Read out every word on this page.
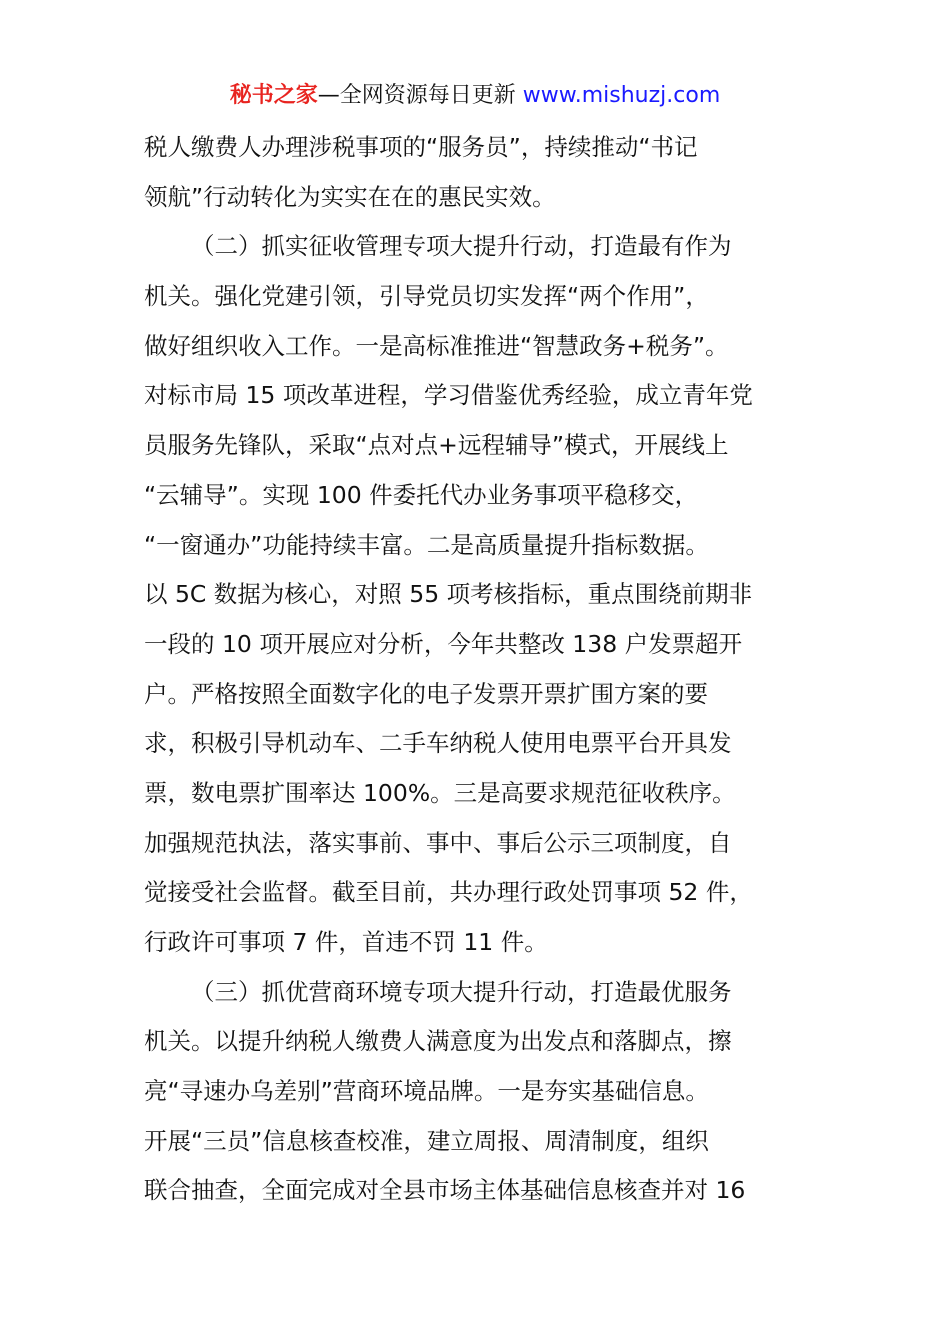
秘书之家—全网资源每日更新 www.mishuzj.com
税人缴费人办理涉税事项的“服务员”，持续推动“书记
领航”行动转化为实实在在的惠民实效。
（二）抓实征收管理专项大提升行动，打造最有作为
机关。强化党建引领，引导党员切实发挥“两个作用”，
做好组织收入工作。一是高标准推进“智慧政务+税务”。
对标市局 15 项改革进程，学习借鉴优秀经验，成立青年党
员服务先锋队，采取“点对点+远程辅导”模式，开展线上
“云辅导”。实现 100 件委托代办业务事项平稳移交，
“一窗通办”功能持续丰富。二是高质量提升指标数据。
以 5C 数据为核心，对照 55 项考核指标，重点围绕前期非
一段的 10 项开展应对分析，今年共整改 138 户发票超开
户。严格按照全面数字化的电子发票开票扩围方案的要
求，积极引导机动车、二手车纳税人使用电票平台开具发
票，数电票扩围率达 100%。三是高要求规范征收秩序。
加强规范执法，落实事前、事中、事后公示三项制度，自
觉接受社会监督。截至目前，共办理行政处罚事项 52 件，
行政许可事项 7 件，首违不罚 11 件。
（三）抓优营商环境专项大提升行动，打造最优服务
机关。以提升纳税人缴费人满意度为出发点和落脚点，擦
亮“寻速办乌差别”营商环境品牌。一是夯实基础信息。
开展“三员”信息核查校准，建立周报、周清制度，组织
联合抽查，全面完成对全县市场主体基础信息核查并对 16
